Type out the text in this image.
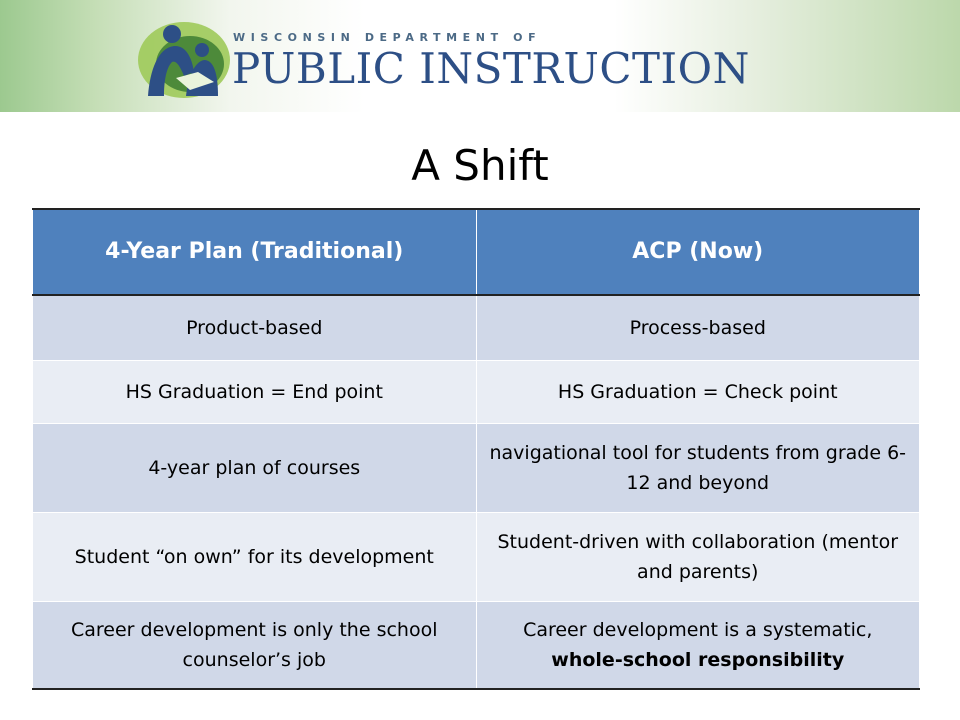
WISCONSIN DEPARTMENT OF
PUBLIC INSTRUCTION
A Shift
4-Year Plan (Traditional)	ACP (Now)
Product-based	Process-based
HS Graduation = End point	HS Graduation = Check point
4-year plan of courses	navigational tool for students from grade 6-12 and beyond
Student “on own” for its development	Student-driven with collaboration (mentor and parents)
Career development is only the school counselor’s job	Career development is a systematic,
whole-school responsibility
